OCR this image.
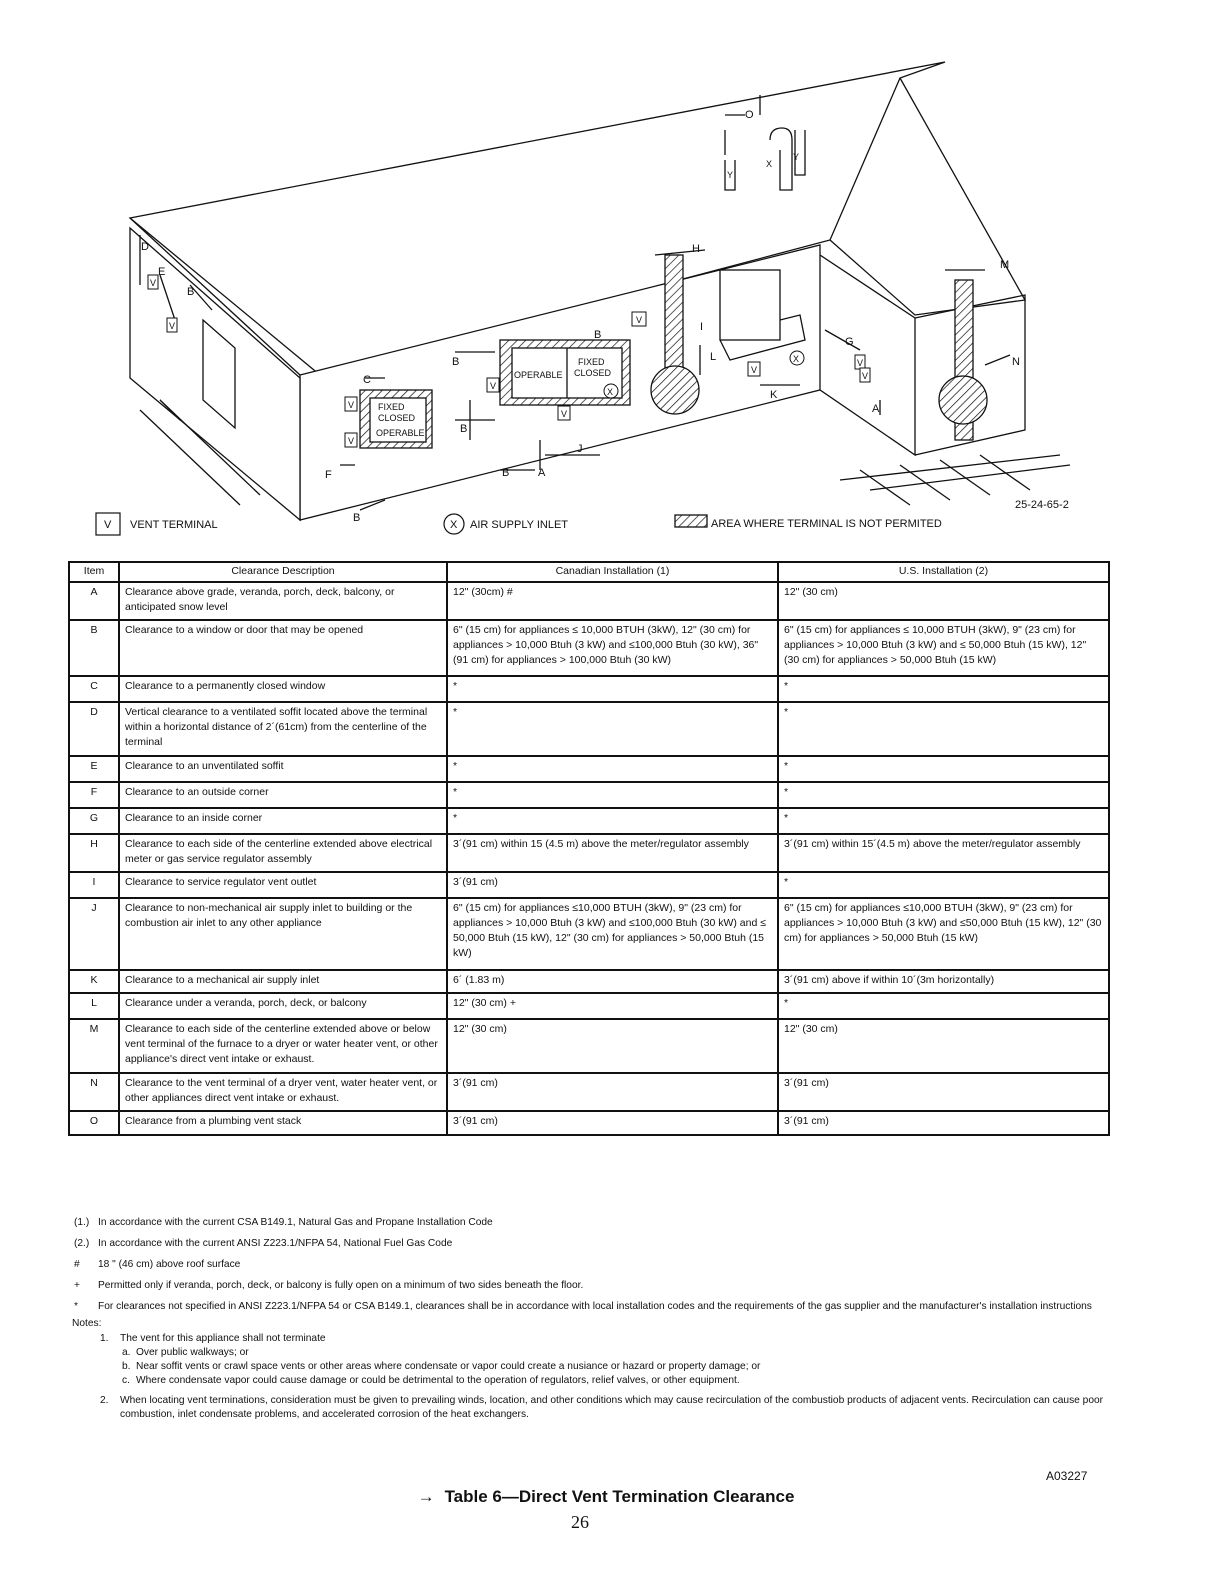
D
E
B
C
F	B	A
J
B
B
B
H
I
L
K
G
A
M
N
O
B
Y
X
Y
V
V
V
V
V
V
V
V
V
V
X
X
FIXED
CLOSED
OPERABLE
OPERABLE
FIXED
CLOSED
25-24-65-2
V VENT TERMINAL	X AIR SUPPLY INLET	AREA WHERE TERMINAL IS NOT PERMITED
Item	Clearance Description	Canadian Installation (1)	U.S. Installation (2)
A	Clearance above grade, veranda, porch, deck, balcony, or anticipated snow level	12" (30cm) #	12" (30 cm)
B	Clearance to a window or door that may be opened	6" (15 cm) for appliances ≤ 10,000 BTUH (3kW), 12" (30 cm) for appliances > 10,000 Btuh (3 kW) and ≤100,000 Btuh (30 kW), 36" (91 cm) for appliances > 100,000 Btuh (30 kW)	6" (15 cm) for appliances ≤ 10,000 BTUH (3kW), 9" (23 cm) for appliances > 10,000 Btuh (3 kW) and ≤ 50,000 Btuh (15 kW), 12" (30 cm) for appliances > 50,000 Btuh (15 kW)
C	Clearance to a permanently closed window	*	*
D	Vertical clearance to a ventilated soffit located above the terminal within a horizontal distance of 2´(61cm) from the centerline of the terminal	*	*
E	Clearance to an unventilated soffit	*	*
F	Clearance to an outside corner	*	*
G	Clearance to an inside corner	*	*
H	Clearance to each side of the centerline extended above electrical meter or gas service regulator assembly	3´(91 cm) within 15 (4.5 m) above the meter/regulator assembly	3´(91 cm) within 15´(4.5 m) above the meter/regulator assembly
I	Clearance to service regulator vent outlet	3´(91 cm)	*
J	Clearance to non-mechanical air supply inlet to building or the combustion air inlet to any other appliance	6" (15 cm) for appliances ≤10,000 BTUH (3kW), 9" (23 cm) for appliances > 10,000 Btuh (3 kW) and ≤100,000 Btuh (30 kW) and ≤ 50,000 Btuh (15 kW), 12" (30 cm) for appliances > 50,000 Btuh (15 kW)	6" (15 cm) for appliances ≤10,000 BTUH (3kW), 9" (23 cm) for appliances > 10,000 Btuh (3 kW) and ≤50,000 Btuh (15 kW), 12" (30 cm) for appliances > 50,000 Btuh (15 kW)
K	Clearance to a mechanical air supply inlet	6´ (1.83 m)	3´(91 cm) above if within 10´(3m horizontally)
L	Clearance under a veranda, porch, deck, or balcony	12" (30 cm) +	*
M	Clearance to each side of the centerline extended above or below vent terminal of the furnace to a dryer or water heater vent, or other appliance's direct vent intake or exhaust.	12" (30 cm)	12" (30 cm)
N	Clearance to the vent terminal of a dryer vent, water heater vent, or other appliances direct vent intake or exhaust.	3´(91 cm)	3´(91 cm)
O	Clearance from a plumbing vent stack	3´(91 cm)	3´(91 cm)
(1.) In accordance with the current CSA B149.1, Natural Gas and Propane Installation Code
(2.) In accordance with the current ANSI Z223.1/NFPA 54, National Fuel Gas Code
# 18 " (46 cm) above roof surface
+ Permitted only if veranda, porch, deck, or balcony is fully open on a minimum of two sides beneath the floor.
* For clearances not specified in ANSI Z223.1/NFPA 54 or CSA B149.1, clearances shall be in accordance with local installation codes and the requirements of the gas supplier and the manufacturer's installation instructions
Notes:
1. The vent for this appliance shall not terminate
a. Over public walkways; or
b. Near soffit vents or crawl space vents or other areas where condensate or vapor could create a nusiance or hazard or property damage; or
c. Where condensate vapor could cause damage or could be detrimental to the operation of regulators, relief valves, or other equipment.
2. When locating vent terminations, consideration must be given to prevailing winds, location, and other conditions which may cause recirculation of the combustiob products of adjacent vents. Recirculation can cause poor combustion, inlet condensate problems, and accelerated corrosion of the heat exchangers.
A03227
→ Table 6—Direct Vent Termination Clearance
26
